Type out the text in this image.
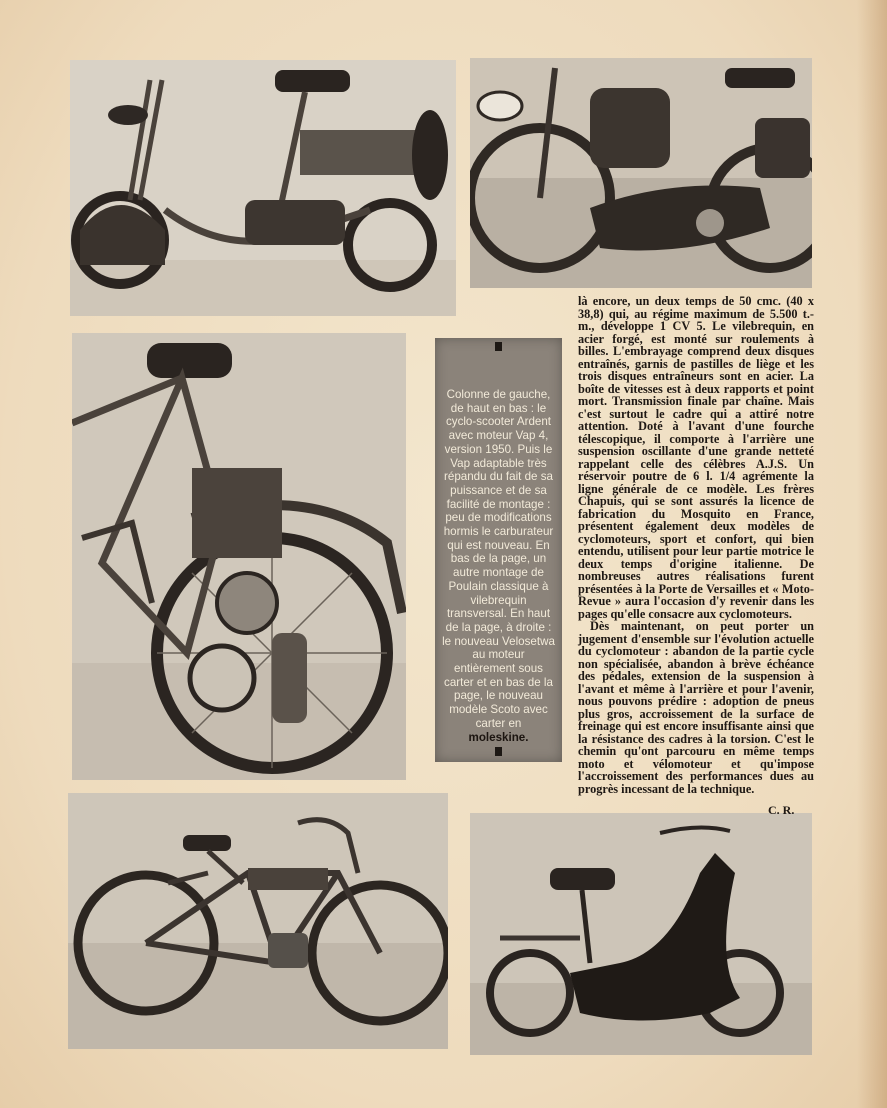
Colonne de gauche, de haut en bas : le cyclo-scooter Ardent avec moteur Vap 4, version 1950. Puis le Vap adaptable très répandu du fait de sa puissance et de sa facilité de montage : peu de modifications hormis le carburateur qui est nouveau. En bas de la page, un autre montage de Poulain classique à vilebrequin transversal. En haut de la page, à droite : le nouveau Velosetwa au moteur entièrement sous carter et en bas de la page, le nouveau modèle Scoto avec carter en
moleskine.

là encore, un deux temps de 50 cmc. (40 x 38,8) qui, au régime maximum de 5.500 t.-m., développe 1 CV 5. Le vilebrequin, en acier forgé, est monté sur roulements à billes. L'embrayage comprend deux disques entraînés, garnis de pastilles de liège et les trois disques entraîneurs sont en acier. La boîte de vitesses est à deux rapports et point mort. Transmission finale par chaîne. Mais c'est surtout le cadre qui a attiré notre attention. Doté à l'avant d'une fourche télescopique, il comporte à l'arrière une suspension oscillante d'une grande netteté rappelant celle des célèbres A.J.S. Un réservoir poutre de 6 l. 1/4 agrémente la ligne générale de ce modèle. Les frères Chapuis, qui se sont assurés la licence de fabrication du Mosquito en France, présentent également deux modèles de cyclomoteurs, sport et confort, qui bien entendu, utilisent pour leur partie motrice le deux temps d'origine italienne. De nombreuses autres réalisations furent présentées à la Porte de Versailles et « Moto-Revue » aura l'occasion d'y revenir dans les pages qu'elle consacre aux cyclomoteurs.

Dès maintenant, on peut porter un jugement d'ensemble sur l'évolution actuelle du cyclomoteur : abandon de la partie cycle non spécialisée, abandon à brève échéance des pédales, extension de la suspension à l'avant et même à l'arrière et pour l'avenir, nous pouvons prédire : adoption de pneus plus gros, accroissement de la surface de freinage qui est encore insuffisante ainsi que la résistance des cadres à la torsion. C'est le chemin qu'ont parcouru en même temps moto et vélomoteur et qu'impose l'accroissement des performances dues au progrès incessant de la technique.

C. R.
